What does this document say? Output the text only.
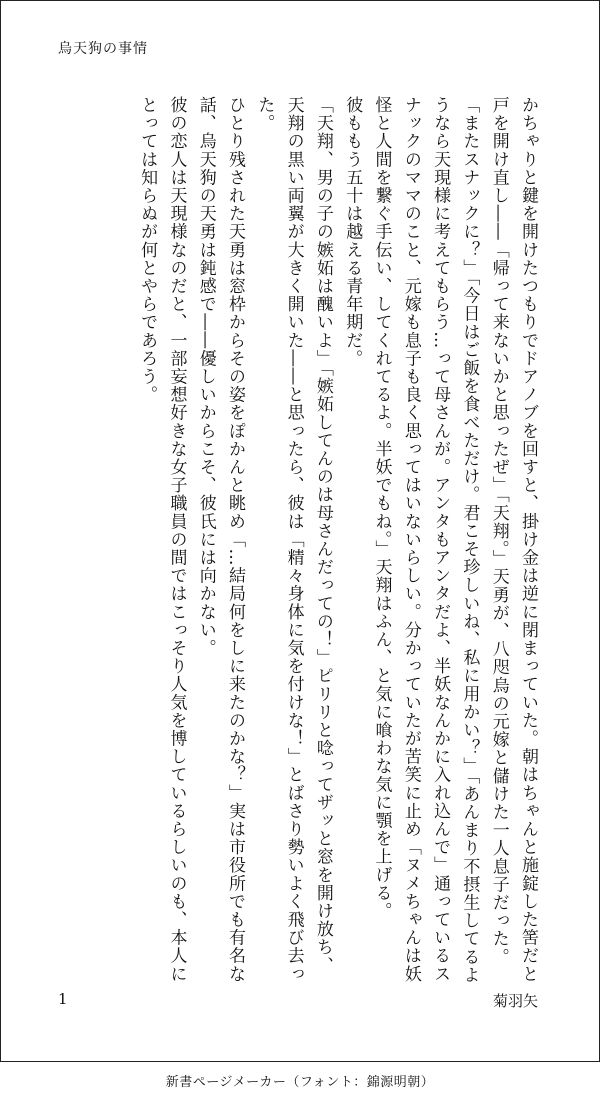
烏天狗の事情

かちゃりと鍵を開けたつもりでドアノブを回すと、掛け金は逆に閉まっていた。朝はちゃんと施錠した筈だと戸を開け直し――「帰って来ないかと思ったぜ」「天翔。」天勇が、八咫烏の元嫁と儲けた一人息子だった。

「またスナックに？」「今日はご飯を食べただけ。君こそ珍しいね、私に用かい？」「あんまり不摂生してるようなら天現様に考えてもらう…って母さんが。アンタもアンタだよ、半妖なんかに入れ込んで」通っているスナックのママのこと、元嫁も息子も良く思ってはいないらしい。分かっていたが苦笑に止め「ヌメちゃんは妖怪と人間を繋ぐ手伝い、してくれてるよ。半妖でもね。」天翔はふん、と気に喰わな気に顎を上げる。

彼ももう五十は越える青年期だ。

「天翔、男の子の嫉妬は醜いよ」「嫉妬してんのは母さんだっての！」ピリリと唸ってザッと窓を開け放ち、天翔の黒い両翼が大きく開いた――と思ったら、彼は「精々身体に気を付けな！」とばさり勢いよく飛び去った。

ひとり残された天勇は窓枠からその姿をぽかんと眺め「…結局何をしに来たのかな？」実は市役所でも有名な話、烏天狗の天勇は鈍感で――優しいからこそ、彼氏には向かない。

彼の恋人は天現様なのだと、一部妄想好きな女子職員の間ではこっそり人気を博しているらしいのも、本人にとっては知らぬが何とやらであろう。

1	菊羽矢
新書ページメーカー（フォント：錦源明朝）
